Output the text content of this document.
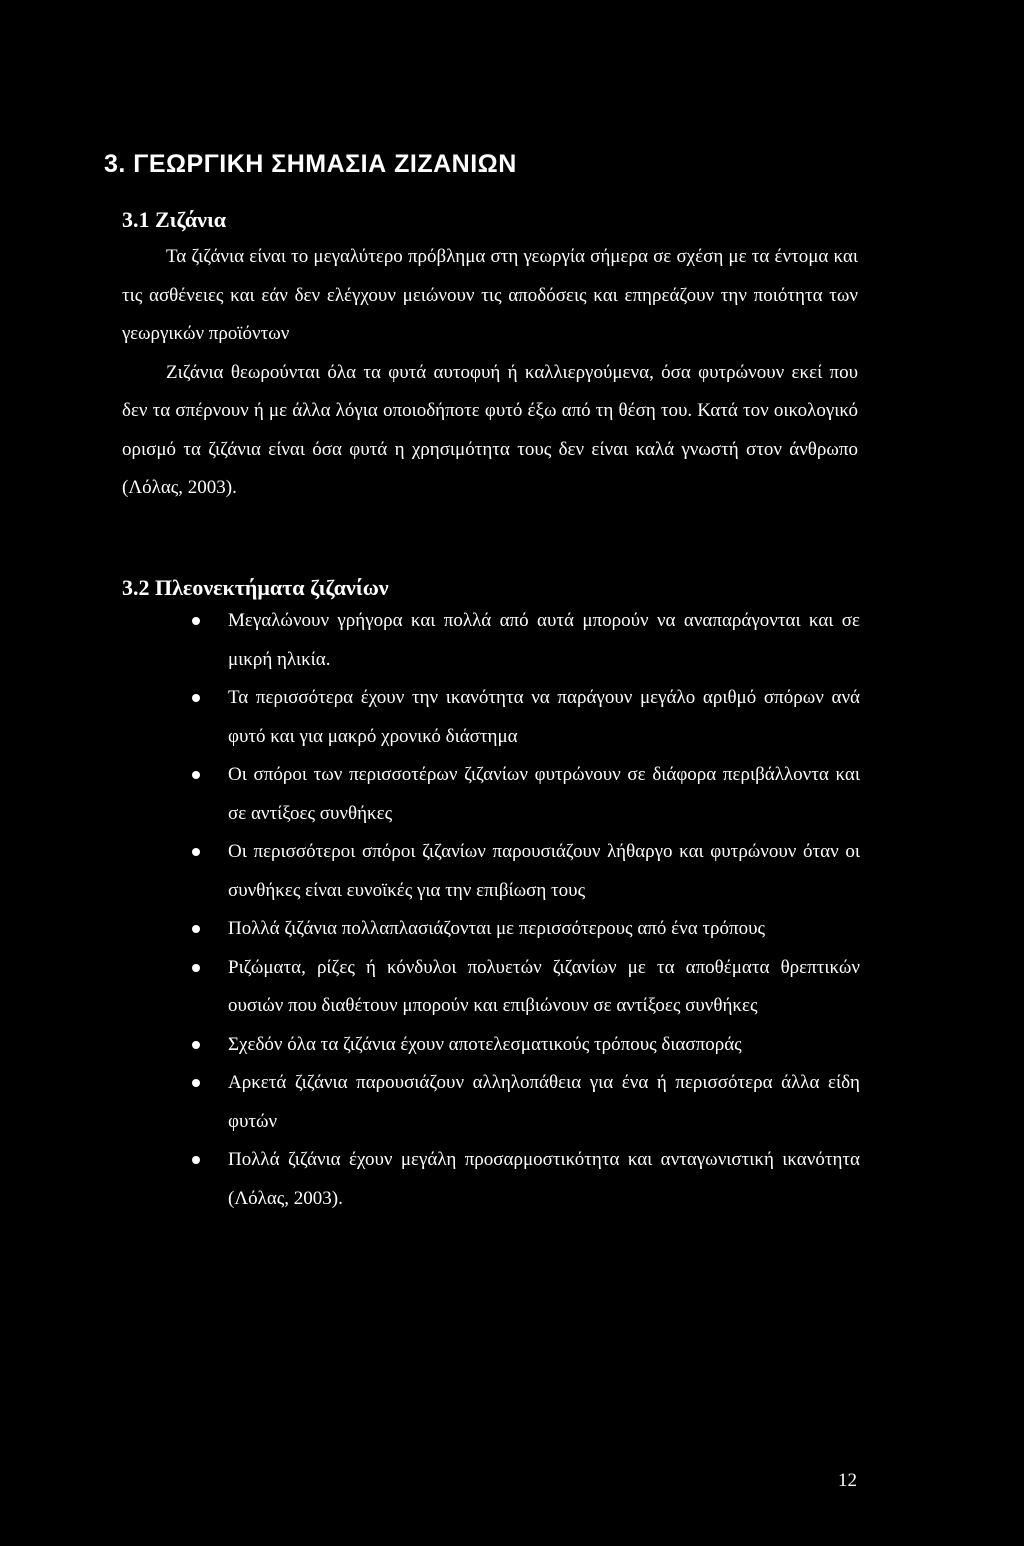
3. ΓΕΩΡΓΙΚΗ ΣΗΜΑΣΙΑ ΖΙΖΑΝΙΩΝ
3.1 Ζιζάνια

Τα ζιζάνια είναι το μεγαλύτερο πρόβλημα στη γεωργία σήμερα σε σχέση με τα έντομα και τις ασθένειες και εάν δεν ελέγχουν μειώνουν τις αποδόσεις και επηρεάζουν την ποιότητα των γεωργικών προϊόντων

Ζιζάνια θεωρούνται όλα τα φυτά αυτοφυή ή καλλιεργούμενα, όσα φυτρώνουν εκεί που δεν τα σπέρνουν ή με άλλα λόγια οποιοδήποτε φυτό έξω από τη θέση του. Κατά τον οικολογικό ορισμό τα ζιζάνια είναι όσα φυτά η χρησιμότητα τους δεν είναι καλά γνωστή στον άνθρωπο (Λόλας, 2003).

3.2 Πλεονεκτήματα ζιζανίων
Μεγαλώνουν γρήγορα και πολλά από αυτά μπορούν να αναπαράγονται και σε μικρή ηλικία.
Τα περισσότερα έχουν την ικανότητα να παράγουν μεγάλο αριθμό σπόρων ανά φυτό και για μακρό χρονικό διάστημα
Οι σπόροι των περισσοτέρων ζιζανίων φυτρώνουν σε διάφορα περιβάλλοντα και σε αντίξοες συνθήκες
Οι περισσότεροι σπόροι ζιζανίων παρουσιάζουν λήθαργο και φυτρώνουν όταν οι συνθήκες είναι ευνοϊκές για την επιβίωση τους
Πολλά ζιζάνια πολλαπλασιάζονται με περισσότερους από ένα τρόπους
Ριζώματα, ρίζες ή κόνδυλοι πολυετών ζιζανίων με τα αποθέματα θρεπτικών ουσιών που διαθέτουν μπορούν και επιβιώνουν σε αντίξοες συνθήκες
Σχεδόν όλα τα ζιζάνια έχουν αποτελεσματικούς τρόπους διασποράς
Αρκετά ζιζάνια παρουσιάζουν αλληλοπάθεια για ένα ή περισσότερα άλλα είδη φυτών
Πολλά ζιζάνια έχουν μεγάλη προσαρμοστικότητα και ανταγωνιστική ικανότητα (Λόλας, 2003).
12
